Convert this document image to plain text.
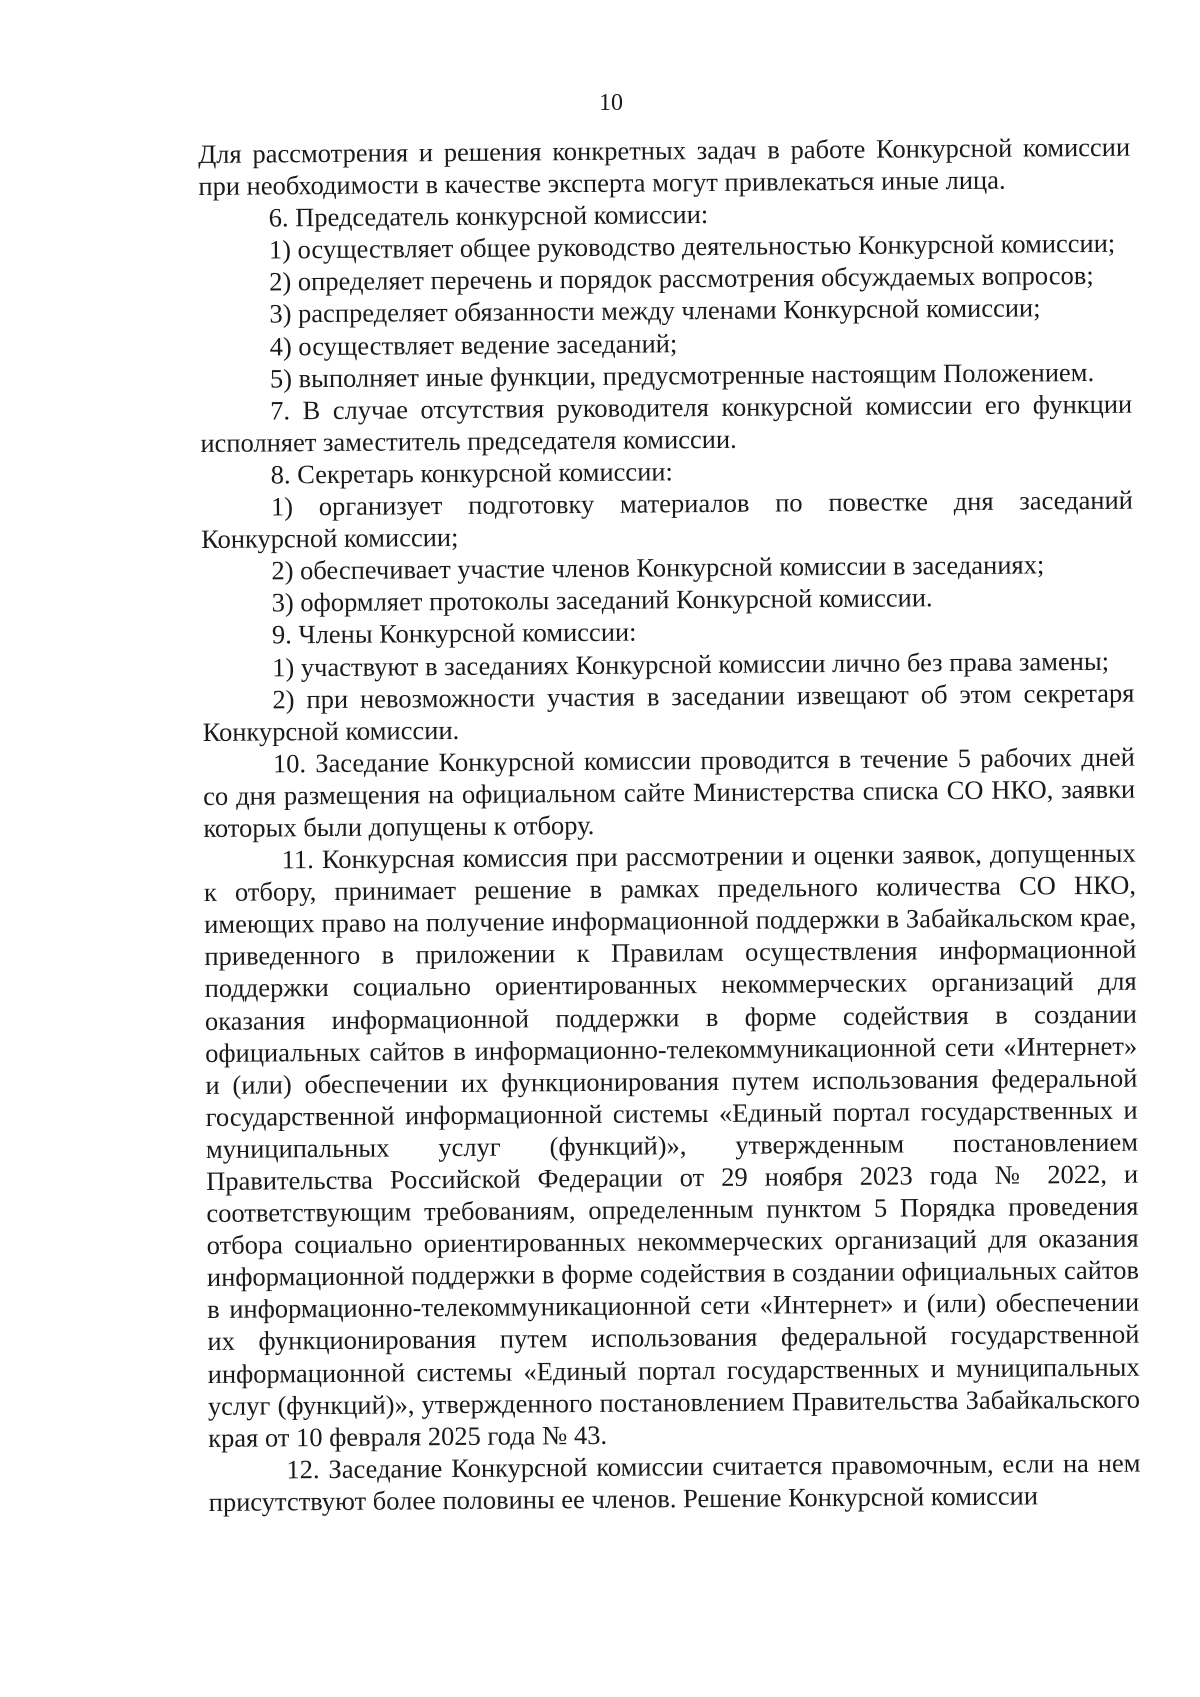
10

Для рассмотрения и решения конкретных задач в работе Конкурсной комиссии при необходимости в качестве эксперта могут привлекаться иные лица.

6. Председатель конкурсной комиссии:

1) осуществляет общее руководство деятельностью Конкурсной комиссии;

2) определяет перечень и порядок рассмотрения обсуждаемых вопросов;

3) распределяет обязанности между членами Конкурсной комиссии;

4) осуществляет ведение заседаний;

5) выполняет иные функции, предусмотренные настоящим Положением.

7. В случае отсутствия руководителя конкурсной комиссии его функции исполняет заместитель председателя комиссии.

8. Секретарь конкурсной комиссии:

1) организует подготовку материалов по повестке дня заседаний Конкурсной комиссии;

2) обеспечивает участие членов Конкурсной комиссии в заседаниях;

3) оформляет протоколы заседаний Конкурсной комиссии.

9. Члены Конкурсной комиссии:

1) участвуют в заседаниях Конкурсной комиссии лично без права замены;

2) при невозможности участия в заседании извещают об этом секретаря Конкурсной комиссии.

10. Заседание Конкурсной комиссии проводится в течение 5 рабочих дней со дня размещения на официальном сайте Министерства списка СО НКО, заявки которых были допущены к отбору.

11. Конкурсная комиссия при рассмотрении и оценки заявок, допущенных к отбору, принимает решение в рамках предельного количества СО НКО, имеющих право на получение информационной поддержки в Забайкальском крае, приведенного в приложении к Правилам осуществления информационной поддержки социально ориентированных некоммерческих организаций для оказания информационной поддержки в форме содействия в создании официальных сайтов в информационно-телекоммуникационной сети «Интернет» и (или) обеспечении их функционирования путем использования федеральной государственной информационной системы «Единый портал государственных и муниципальных услуг (функций)», утвержденным постановлением Правительства Российской Федерации от 29 ноября 2023 года № 2022, и соответствующим требованиям, определенным пунктом 5 Порядка проведения отбора социально ориентированных некоммерческих организаций для оказания информационной поддержки в форме содействия в создании официальных сайтов в информационно-телекоммуникационной сети «Интернет» и (или) обеспечении их функционирования путем использования федеральной государственной информационной системы «Единый портал государственных и муниципальных услуг (функций)», утвержденного постановлением Правительства Забайкальского края от 10 февраля 2025 года № 43.

12. Заседание Конкурсной комиссии считается правомочным, если на нем присутствуют более половины ее членов. Решение Конкурсной комиссии
